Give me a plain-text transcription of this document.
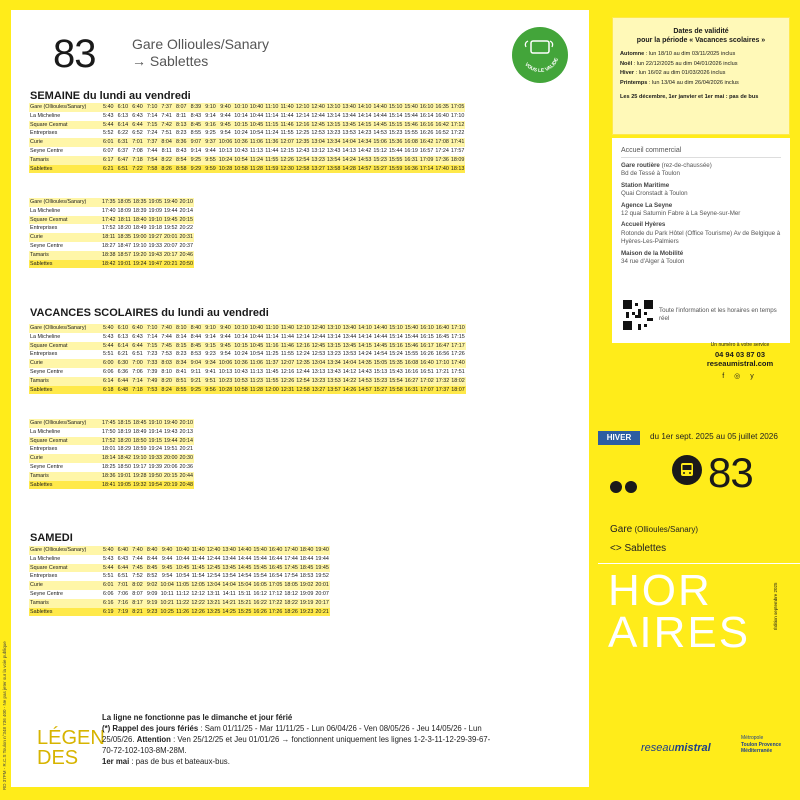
RD 37PM - R.C.S Toulon n°348 736 400 - Ne pas jeter sur la voie publique
83	Gare Ollioules/Sanary
→ Sablettes	VOUS LE VALIDE
SEMAINE du lundi au vendredi
Gare (Ollioules/Sanary)	5:40	6:10	6:40	7:10	7:37	8:07	8:39	9:10	9:40	10:10	10:40	11:10	11:40	12:10	12:40	13:10	13:40	14:10	14:40	15:10	15:40	16:10	16:35	17:05
La Micheline	5:43	6:13	6:43	7:14	7:41	8:11	8:43	9:14	9:44	10:14	10:44	11:14	11:44	12:14	12:44	13:14	13:44	14:14	14:44	15:14	15:44	16:14	16:40	17:10
Square Cesmat	5:44	6:14	6:44	7:15	7:42	8:13	8:45	9:16	9:45	10:15	10:45	11:15	11:46	12:16	12:45	13:15	13:45	14:15	14:45	15:15	15:46	16:16	16:42	17:12
Entreprises	5:52	6:22	6:52	7:24	7:51	8:23	8:55	9:25	9:54	10:24	10:54	11:24	11:55	12:25	12:53	13:23	13:53	14:23	14:53	15:23	15:55	16:26	16:52	17:22
Curie	6:01	6:31	7:01	7:37	8:04	8:36	9:07	9:37	10:06	10:36	11:06	11:36	12:07	12:35	13:04	13:34	14:04	14:34	15:06	15:36	16:08	16:42	17:08	17:41
Seyne Centre	6:07	6:37	7:08	7:44	8:11	8:43	9:14	9:44	10:13	10:43	11:13	11:44	12:15	12:43	13:12	13:43	14:13	14:42	15:12	15:44	16:19	16:57	17:24	17:57
Tamaris	6:17	6:47	7:18	7:54	8:22	8:54	9:25	9:55	10:24	10:54	11:24	11:55	12:26	12:54	13:23	13:54	14:24	14:53	15:23	15:55	16:31	17:09	17:36	18:09
Sablettes	6:21	6:51	7:22	7:58	8:26	8:58	9:29	9:59	10:28	10:58	11:28	11:59	12:30	12:58	13:27	13:58	14:28	14:57	15:27	15:59	16:36	17:14	17:40	18:13
Gare (Ollioules/Sanary)	17:35	18:05	18:35	19:05	19:40	20:10
La Micheline	17:40	18:09	18:39	19:09	19:44	20:14
Square Cesmat	17:42	18:11	18:40	19:10	19:45	20:15
Entreprises	17:52	18:20	18:49	19:18	19:52	20:22
Curie	18:11	18:35	19:00	19:27	20:01	20:31
Seyne Centre	18:27	18:47	19:10	19:33	20:07	20:37
Tamaris	18:38	18:57	19:20	19:43	20:17	20:46
Sablettes	18:42	19:01	19:24	19:47	20:21	20:50
VACANCES SCOLAIRES du lundi au vendredi
Gare (Ollioules/Sanary)	5:40	6:10	6:40	7:10	7:40	8:10	8:40	9:10	9:40	10:10	10:40	11:10	11:40	12:10	12:40	13:10	13:40	14:10	14:40	15:10	15:40	16:10	16:40	17:10
La Micheline	5:43	6:13	6:43	7:14	7:44	8:14	8:44	9:14	9:44	10:14	10:44	11:14	11:44	12:14	12:44	13:14	13:44	14:14	14:44	15:14	15:44	16:15	16:45	17:15
Square Cesmat	5:44	6:14	6:44	7:15	7:45	8:15	8:45	9:15	9:45	10:15	10:45	11:16	11:46	12:16	12:45	13:15	13:45	14:15	14:45	15:16	15:46	16:17	16:47	17:17
Entreprises	5:51	6:21	6:51	7:23	7:53	8:23	8:53	9:23	9:54	10:24	10:54	11:25	11:55	12:24	12:53	13:23	13:53	14:24	14:54	15:24	15:55	16:26	16:56	17:26
Curie	6:00	6:30	7:00	7:33	8:03	8:34	9:04	9:34	10:06	10:36	11:06	11:37	12:07	12:35	13:04	13:34	14:04	14:35	15:05	15:35	16:08	16:40	17:10	17:40
Seyne Centre	6:06	6:36	7:06	7:39	8:10	8:41	9:11	9:41	10:13	10:43	11:13	11:45	12:16	12:44	13:13	13:43	14:12	14:43	15:13	15:43	16:16	16:51	17:21	17:51
Tamaris	6:14	6:44	7:14	7:49	8:20	8:51	9:21	9:51	10:23	10:53	11:23	11:55	12:26	12:54	13:23	13:53	14:22	14:53	15:23	15:54	16:27	17:02	17:32	18:02
Sablettes	6:18	6:48	7:18	7:53	8:24	8:55	9:25	9:56	10:28	10:58	11:28	12:00	12:31	12:58	13:27	13:57	14:26	14:57	15:27	15:58	16:31	17:07	17:37	18:07
Gare (Ollioules/Sanary)	17:45	18:15	18:45	19:10	19:40	20:10
La Micheline	17:50	18:19	18:49	19:14	19:43	20:13
Square Cesmat	17:52	18:20	18:50	19:15	19:44	20:14
Entreprises	18:01	18:29	18:59	19:24	19:51	20:21
Curie	18:14	18:42	19:10	19:33	20:00	20:30
Seyne Centre	18:25	18:50	19:17	19:39	20:06	20:36
Tamaris	18:36	19:01	19:28	19:50	20:15	20:44
Sablettes	18:41	19:05	19:32	19:54	20:19	20:48
SAMEDI
Gare (Ollioules/Sanary)	5:40	6:40	7:40	8:40	9:40	10:40	11:40	12:40	13:40	14:40	15:40	16:40	17:40	18:40	19:40
La Micheline	5:43	6:43	7:44	8:44	9:44	10:44	11:44	12:44	13:44	14:44	15:44	16:44	17:44	18:44	19:44
Square Cesmat	5:44	6:44	7:45	8:45	9:45	10:45	11:45	12:45	13:45	14:45	15:45	16:45	17:45	18:45	19:45
Entreprises	5:51	6:51	7:52	8:52	9:54	10:54	11:54	12:54	13:54	14:54	15:54	16:54	17:54	18:53	19:52
Curie	6:01	7:01	8:02	9:02	10:04	11:05	12:05	13:04	14:04	15:04	16:05	17:05	18:05	19:02	20:01
Seyne Centre	6:06	7:06	8:07	9:09	10:11	11:12	12:12	13:11	14:11	15:11	16:12	17:12	18:12	19:09	20:07
Tamaris	6:16	7:16	8:17	9:19	10:21	11:22	12:22	13:21	14:21	15:21	16:22	17:22	18:22	19:19	20:17
Sablettes	6:19	7:19	8:21	9:23	10:25	11:26	12:26	13:25	14:25	15:25	16:26	17:26	18:26	19:23	20:21
LÉGEN
DES
La ligne ne fonctionne pas le dimanche et jour férié
(*) Rappel des jours fériés : Sam 01/11/25 - Mar 11/11/25 - Lun 06/04/26 - Ven 08/05/26 - Jeu 14/05/26 - Lun
25/05/26. Attention : Ven 25/12/25 et Jeu 01/01/26 → fonctionnent uniquement les lignes 1-2-3-11-12-29-39-67-
70-72-102-103-8M-28M.
1er mai : pas de bus et bateaux-bus.
Dates de validité
pour la période « Vacances scolaires »
Automne : lun 18/10 au dim 03/11/2025 inclus
Noël : lun 22/12/2025 au dim 04/01/2026 inclus
Hiver : lun 16/02 au dim 01/03/2026 inclus
Printemps : lun 13/04 au dim 26/04/2026 inclus
Les 25 décembre, 1er janvier et 1er mai : pas de bus
Accueil commercial
Gare routière (rez-de-chaussée)
Bd de Tessé à Toulon
Station Maritime
Quai Cronstadt à Toulon
Agence La Seyne
12 quai Saturnin Fabre à La Seyne-sur-Mer
Accueil Hyères
Rotonde du Park Hôtel (Office Tourisme) Av de Belgique à Hyères-Les-Palmiers
Maison de la Mobilité
34 rue d'Alger à Toulon
Toute l'information et les horaires en temps réel
Un numéro à votre service
04 94 03 87 03
reseaumistral.com
f ◎ y
HIVER	du 1er sept. 2025 au 05 juillet 2026
83
Gare (Ollioules/Sanary)
<> Sablettes
HOR
AIRES
Édition septembre 2025
reseaumistral
Métropole
Toulon Provence
Méditerranée
